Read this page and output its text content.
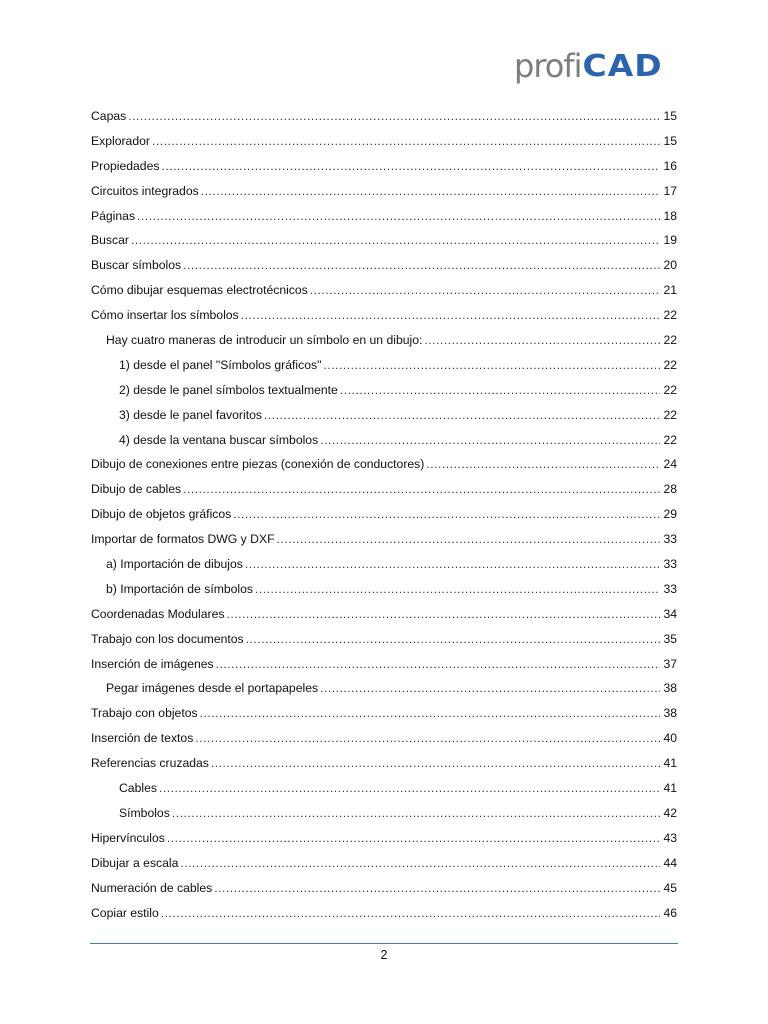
profi CAD
Capas .....	15
Explorador .....	15
Propiedades .....	16
Circuitos integrados .....	17
Páginas .....	18
Buscar .....	19
Buscar símbolos .....	20
Cómo dibujar esquemas electrotécnicos .....	21
Cómo insertar los símbolos .....	22
Hay cuatro maneras de introducir un símbolo en un dibujo: .....	22
1) desde el panel "Símbolos gráficos" .....	22
2) desde le panel símbolos textualmente .....	22
3) desde le panel favoritos .....	22
4) desde la ventana buscar símbolos .....	22
Dibujo de conexiones entre piezas (conexión de conductores) .....	24
Dibujo de cables .....	28
Dibujo de objetos gráficos .....	29
Importar de formatos DWG y DXF .....	33
a) Importación de dibujos .....	33
b) Importación de símbolos .....	33
Coordenadas Modulares .....	34
Trabajo con los documentos .....	35
Inserción de imágenes .....	37
Pegar imágenes desde el portapapeles .....	38
Trabajo con objetos .....	38
Inserción de textos .....	40
Referencias cruzadas .....	41
Cables .....	41
Símbolos .....	42
Hipervínculos .....	43
Dibujar a escala .....	44
Numeración de cables .....	45
Copiar estilo .....	46
2
